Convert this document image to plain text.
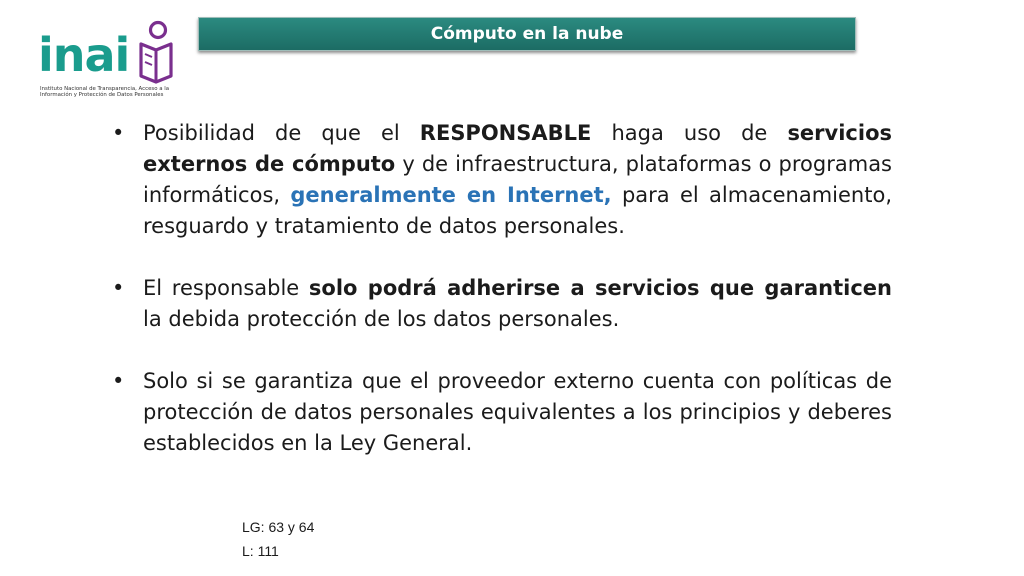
inai
Instituto Nacional de Transparencia, Acceso a la Información y Protección de Datos Personales
Cómputo en la nube
• Posibilidad de que el RESPONSABLE haga uso de servicios externos de cómputo y de infraestructura, plataformas o programas informáticos, generalmente en Internet, para el almacenamiento, resguardo y tratamiento de datos personales.
• El responsable solo podrá adherirse a servicios que garanticen la debida protección de los datos personales.
• Solo si se garantiza que el proveedor externo cuenta con políticas de protección de datos personales equivalentes a los principios y deberes establecidos en la Ley General.
LG: 63 y 64
L: 111
